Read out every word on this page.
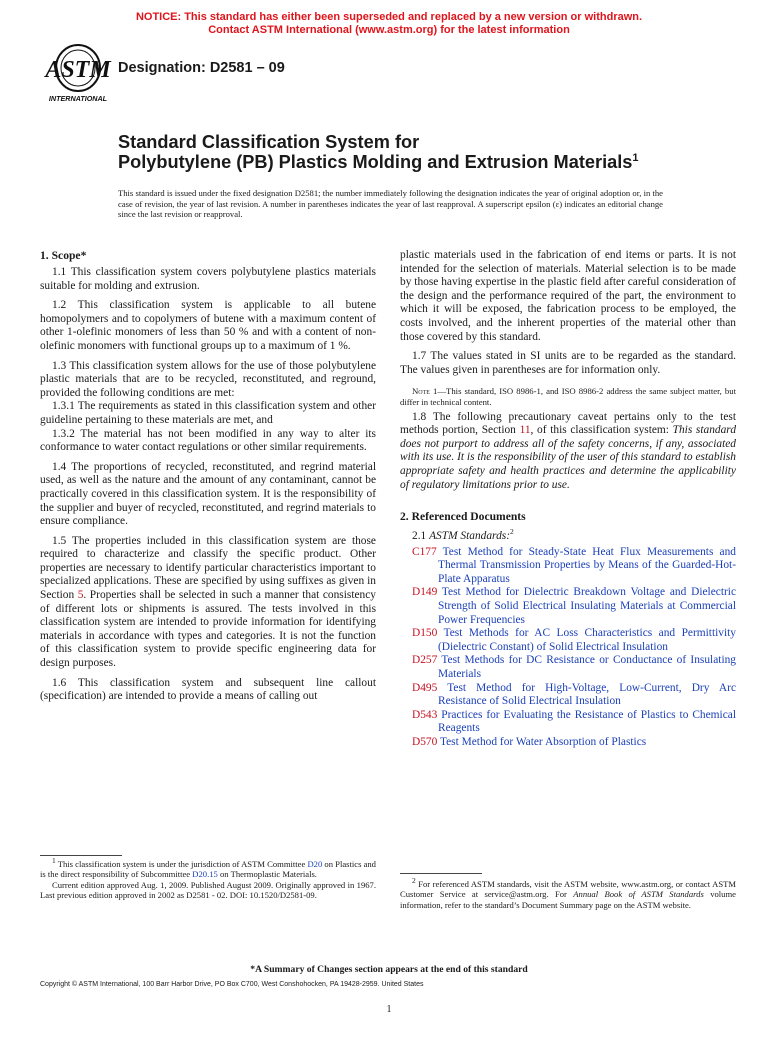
NOTICE: This standard has either been superseded and replaced by a new version or withdrawn.
Contact ASTM International (www.astm.org) for the latest information
ASTM
INTERNATIONAL
Designation: D2581 – 09
Standard Classification System for
Polybutylene (PB) Plastics Molding and Extrusion Materials$^1$
This standard is issued under the fixed designation D2581; the number immediately following the designation indicates the year of original adoption or, in the case of revision, the year of last revision. A number in parentheses indicates the year of last reapproval. A superscript epsilon (ε) indicates an editorial change since the last revision or reapproval.
1. Scope*

1.1 This classification system covers polybutylene plastics materials suitable for molding and extrusion.

1.2 This classification system is applicable to all butene homopolymers and to copolymers of butene with a maximum content of other 1-olefinic monomers of less than 50 % and with a content of non-olefinic monomers with functional groups up to a maximum of 1 %.

1.3 This classification system allows for the use of those polybutylene plastic materials that are to be recycled, reconstituted, and reground, provided the following conditions are met:

1.3.1 The requirements as stated in this classification system and other guideline pertaining to these materials are met, and

1.3.2 The material has not been modified in any way to alter its conformance to water contact regulations or other similar requirements.

1.4 The proportions of recycled, reconstituted, and regrind material used, as well as the nature and the amount of any contaminant, cannot be practically covered in this classification system. It is the responsibility of the supplier and buyer of recycled, reconstituted, and regrind materials to ensure compliance.

1.5 The properties included in this classification system are those required to characterize and classify the specific product. Other properties are necessary to identify particular characteristics important to specialized applications. These are specified by using suffixes as given in Section 5. Properties shall be selected in such a manner that consistency of different lots or shipments is assured. The tests involved in this classification system are intended to provide information for identifying materials in accordance with types and categories. It is not the function of this classification system to provide specific engineering data for design purposes.

1.6 This classification system and subsequent line callout (specification) are intended to provide a means of calling out

plastic materials used in the fabrication of end items or parts. It is not intended for the selection of materials. Material selection is to be made by those having expertise in the plastic field after careful consideration of the design and the performance required of the part, the environment to which it will be exposed, the fabrication process to be employed, the costs involved, and the inherent properties of the material other than those covered by this standard.

1.7 The values stated in SI units are to be regarded as the standard. The values given in parentheses are for information only.

Note 1—This standard, ISO 8986-1, and ISO 8986-2 address the same subject matter, but differ in technical content.

1.8 The following precautionary caveat pertains only to the test methods portion, Section 11, of this classification system: This standard does not purport to address all of the safety concerns, if any, associated with its use. It is the responsibility of the user of this standard to establish appropriate safety and health practices and determine the applicability of regulatory limitations prior to use.

2. Referenced Documents

2.1 ASTM Standards:$^2$

C177 Test Method for Steady-State Heat Flux Measurements and Thermal Transmission Properties by Means of the Guarded-Hot-Plate Apparatus
D149 Test Method for Dielectric Breakdown Voltage and Dielectric Strength of Solid Electrical Insulating Materials at Commercial Power Frequencies
D150 Test Methods for AC Loss Characteristics and Permittivity (Dielectric Constant) of Solid Electrical Insulation
D257 Test Methods for DC Resistance or Conductance of Insulating Materials
D495 Test Method for High-Voltage, Low-Current, Dry Arc Resistance of Solid Electrical Insulation
D543 Practices for Evaluating the Resistance of Plastics to Chemical Reagents
D570 Test Method for Water Absorption of Plastics

$^1$ This classification system is under the jurisdiction of ASTM Committee D20 on Plastics and is the direct responsibility of Subcommittee D20.15 on Thermoplastic Materials.

Current edition approved Aug. 1, 2009. Published August 2009. Originally approved in 1967. Last previous edition approved in 2002 as D2581 - 02. DOI: 10.1520/D2581-09.

$^2$ For referenced ASTM standards, visit the ASTM website, www.astm.org, or contact ASTM Customer Service at service@astm.org. For Annual Book of ASTM Standards volume information, refer to the standard’s Document Summary page on the ASTM website.

*A Summary of Changes section appears at the end of this standard
Copyright © ASTM International, 100 Barr Harbor Drive, PO Box C700, West Conshohocken, PA 19428-2959. United States
1
